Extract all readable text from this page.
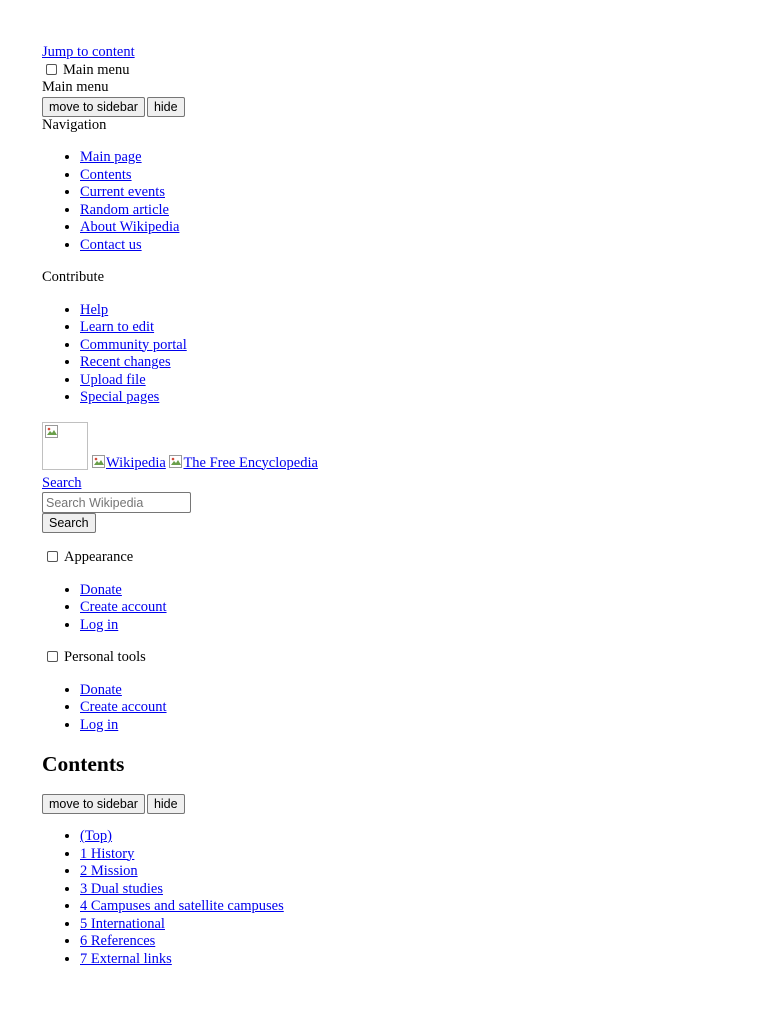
Jump to content
Main menu
Main menu
move to sidebar hide
Navigation
• Main page
• Contents
• Current events
• Random article
• About Wikipedia
• Contact us
Contribute
• Help
• Learn to edit
• Community portal
• Recent changes
• Upload file
• Special pages
Wikipedia The Free Encyclopedia
Search
Search Wikipedia
Search
Appearance
• Donate
• Create account
• Log in
Personal tools
• Donate
• Create account
• Log in
Contents
move to sidebar hide
• (Top)
• 1 History
• 2 Mission
• 3 Dual studies
• 4 Campuses and satellite campuses
• 5 International
• 6 References
• 7 External links
